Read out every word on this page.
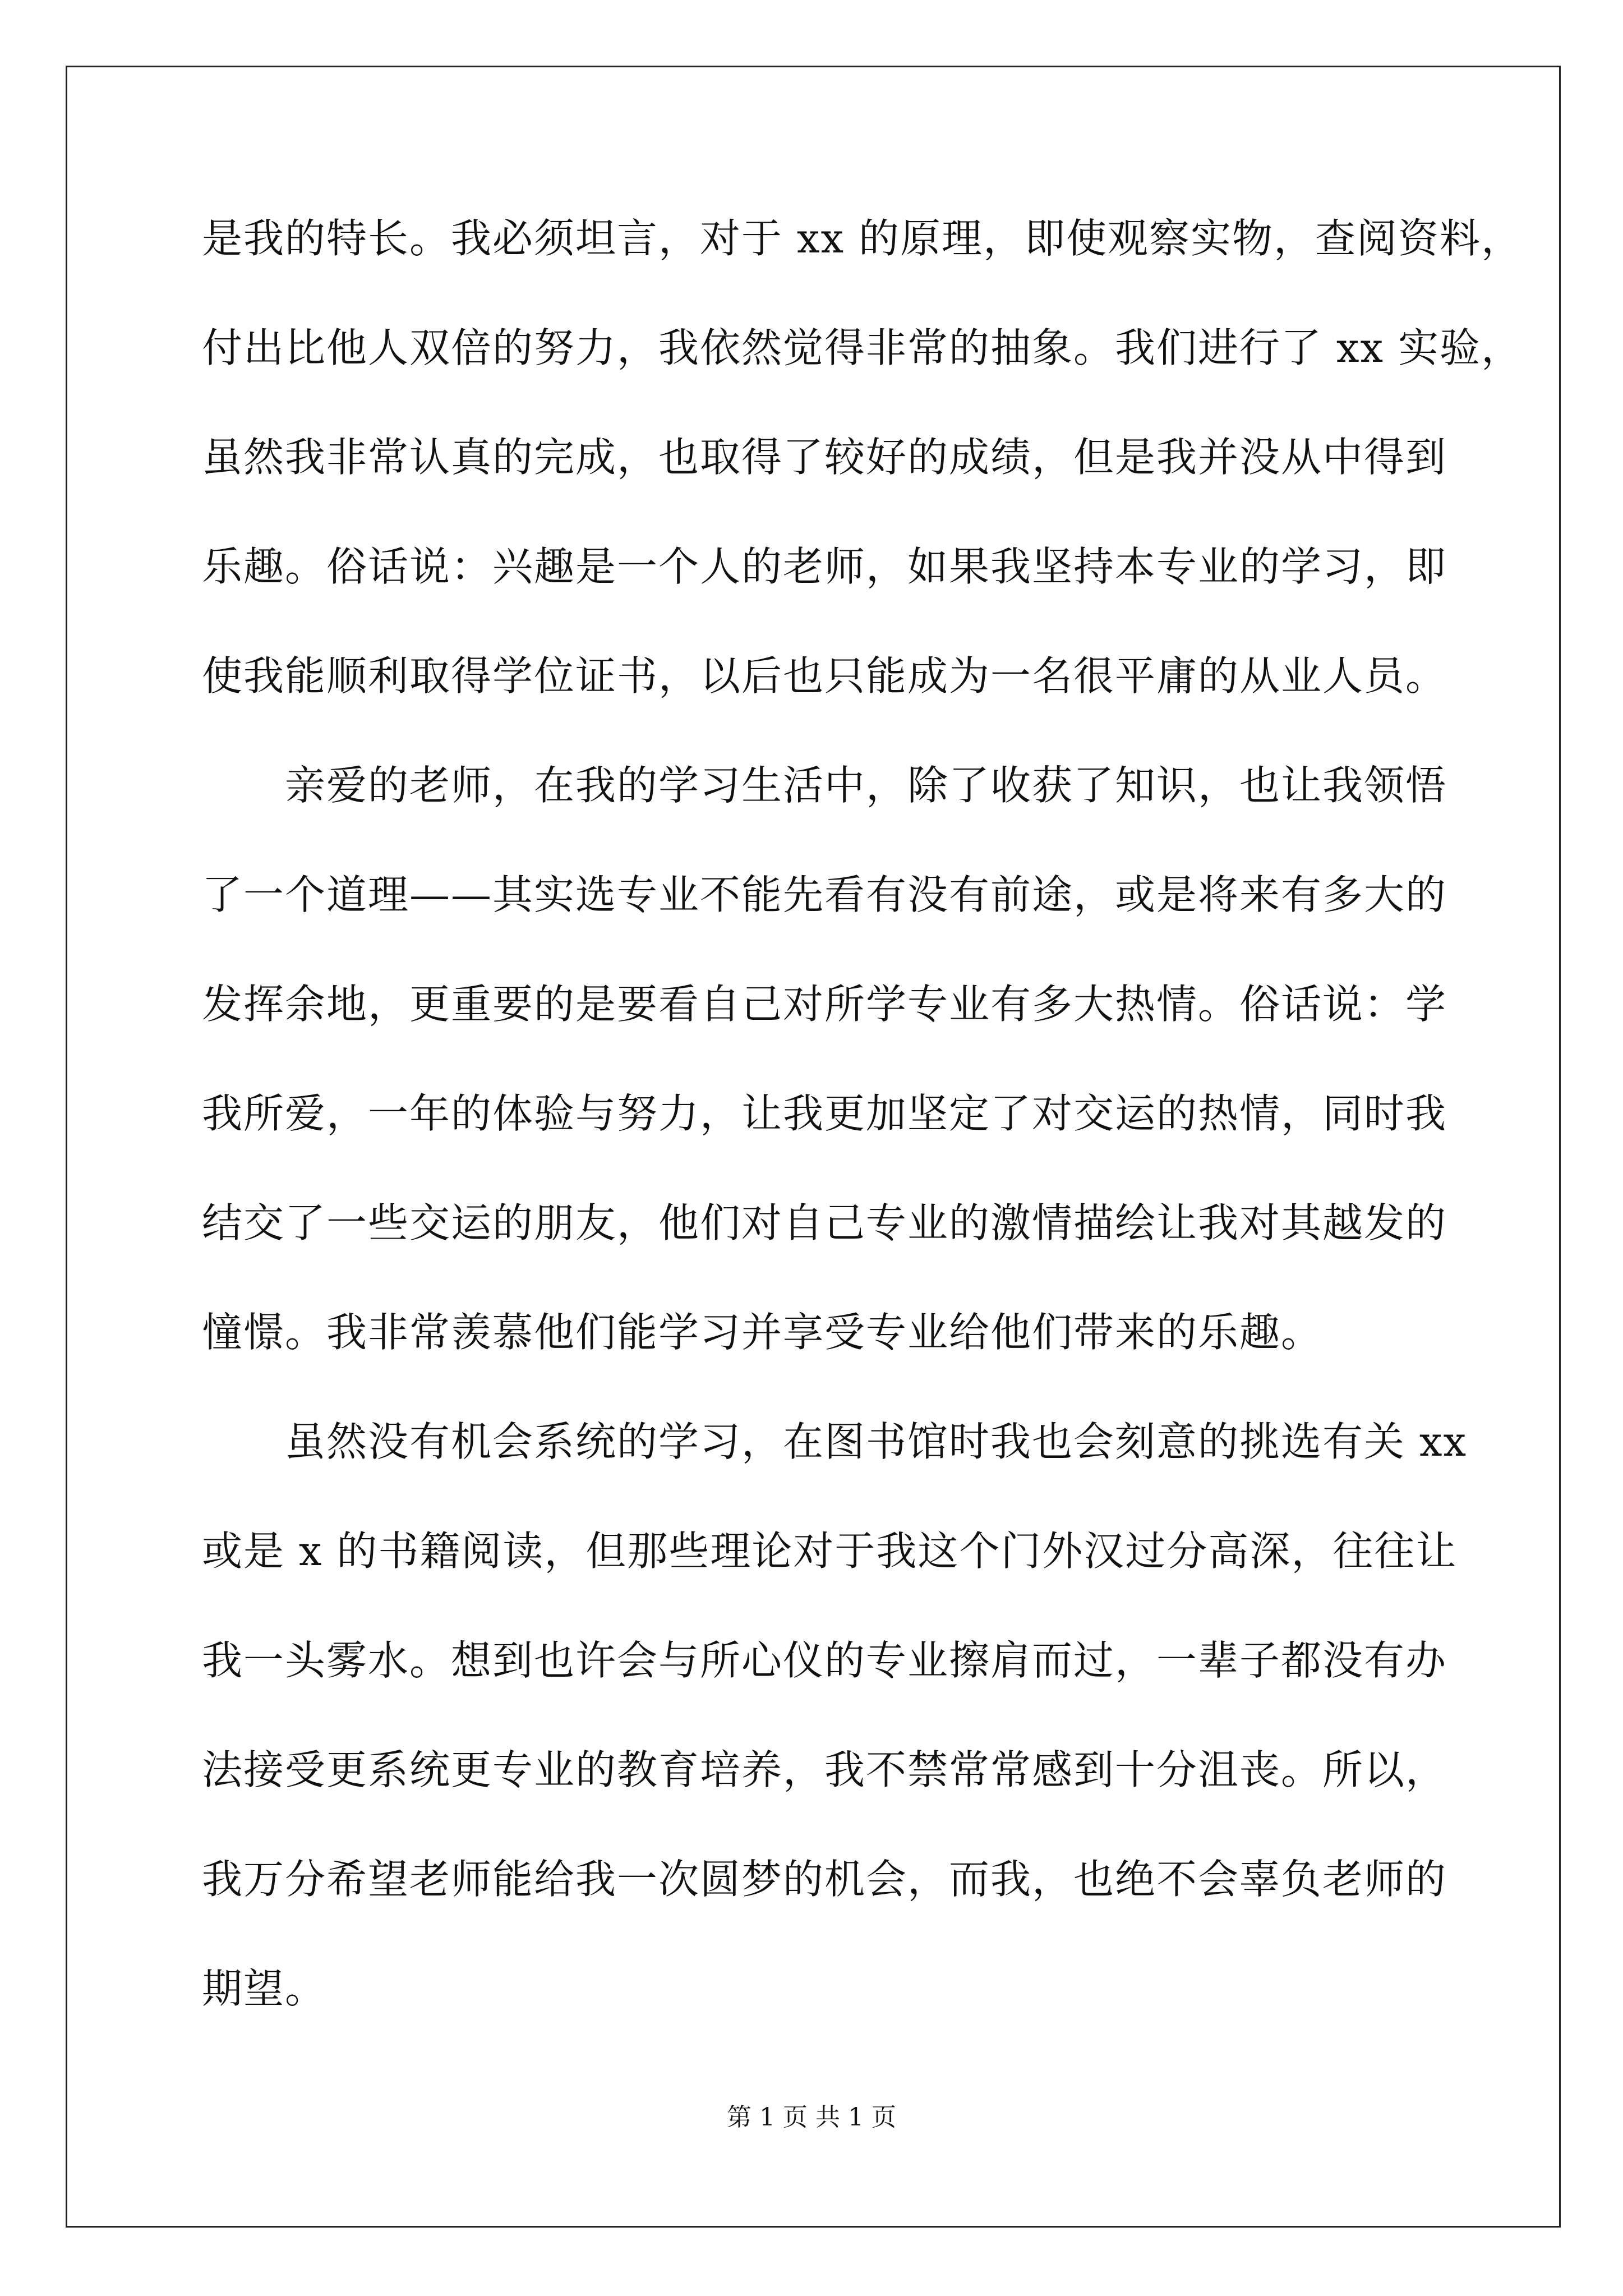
是我的特长。我必须坦言，对于 xx 的原理，即使观察实物，查阅资料，
付出比他人双倍的努力，我依然觉得非常的抽象。我们进行了 xx 实验，
虽然我非常认真的完成，也取得了较好的成绩，但是我并没从中得到
乐趣。俗话说：兴趣是一个人的老师，如果我坚持本专业的学习，即
使我能顺利取得学位证书，以后也只能成为一名很平庸的从业人员。
亲爱的老师，在我的学习生活中，除了收获了知识，也让我领悟
了一个道理——其实选专业不能先看有没有前途，或是将来有多大的
发挥余地，更重要的是要看自己对所学专业有多大热情。俗话说：学
我所爱，一年的体验与努力，让我更加坚定了对交运的热情，同时我
结交了一些交运的朋友，他们对自己专业的激情描绘让我对其越发的
憧憬。我非常羡慕他们能学习并享受专业给他们带来的乐趣。
虽然没有机会系统的学习，在图书馆时我也会刻意的挑选有关 xx
或是 x 的书籍阅读，但那些理论对于我这个门外汉过分高深，往往让
我一头雾水。想到也许会与所心仪的专业擦肩而过，一辈子都没有办
法接受更系统更专业的教育培养，我不禁常常感到十分沮丧。所以，
我万分希望老师能给我一次圆梦的机会，而我，也绝不会辜负老师的
期望。
第 1 页 共 1 页
